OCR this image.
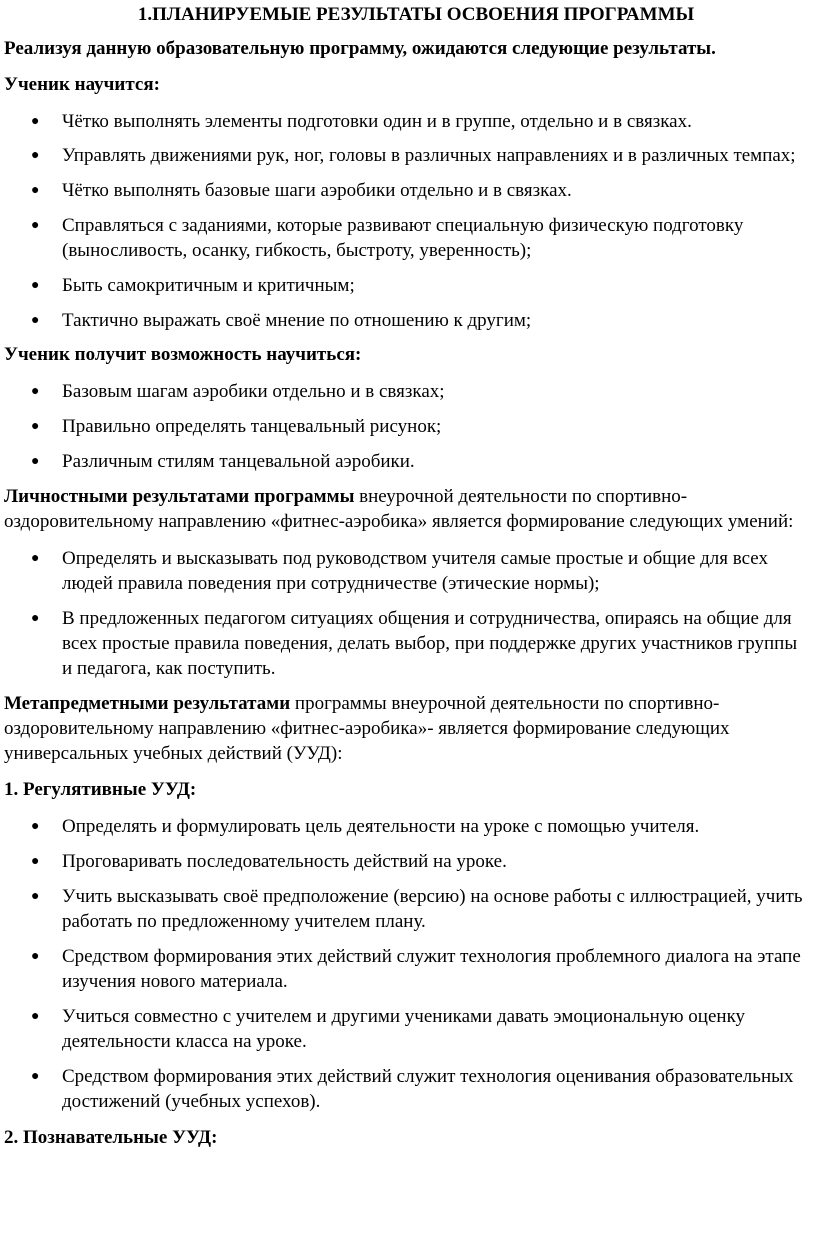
1.ПЛАНИРУЕМЫЕ РЕЗУЛЬТАТЫ ОСВОЕНИЯ ПРОГРАММЫ

Реализуя данную образовательную программу, ожидаются следующие результаты.

Ученик научится:

● Чётко выполнять элементы подготовки один и в группе, отдельно и в связках.
● Управлять движениями рук, ног, головы в различных направлениях и в различных темпах;
● Чётко выполнять базовые шаги аэробики отдельно и в связках.
● Справляться с заданиями, которые развивают специальную физическую подготовку (выносливость, осанку, гибкость, быстроту, уверенность);
● Быть самокритичным и критичным;
● Тактично выражать своё мнение по отношению к другим;

Ученик получит возможность научиться:

● Базовым шагам аэробики отдельно и в связках;
● Правильно определять танцевальный рисунок;
● Различным стилям танцевальной аэробики.

Личностными результатами программы внеурочной деятельности по спортивно-оздоровительному направлению «фитнес-аэробика» является формирование следующих умений:

● Определять и высказывать под руководством учителя самые простые и общие для всех людей правила поведения при сотрудничестве (этические нормы);
● В предложенных педагогом ситуациях общения и сотрудничества, опираясь на общие для всех простые правила поведения, делать выбор, при поддержке других участников группы и педагога, как поступить.

Метапредметными результатами программы внеурочной деятельности по спортивно-оздоровительному направлению «фитнес-аэробика»- является формирование следующих универсальных учебных действий (УУД):

1. Регулятивные УУД:

● Определять и формулировать цель деятельности на уроке с помощью учителя.
● Проговаривать последовательность действий на уроке.
● Учить высказывать своё предположение (версию) на основе работы с иллюстрацией, учить работать по предложенному учителем плану.
● Средством формирования этих действий служит технология проблемного диалога на этапе изучения нового материала.
● Учиться совместно с учителем и другими учениками давать эмоциональную оценку деятельности класса на уроке.
● Средством формирования этих действий служит технология оценивания образовательных достижений (учебных успехов).

2. Познавательные УУД:
